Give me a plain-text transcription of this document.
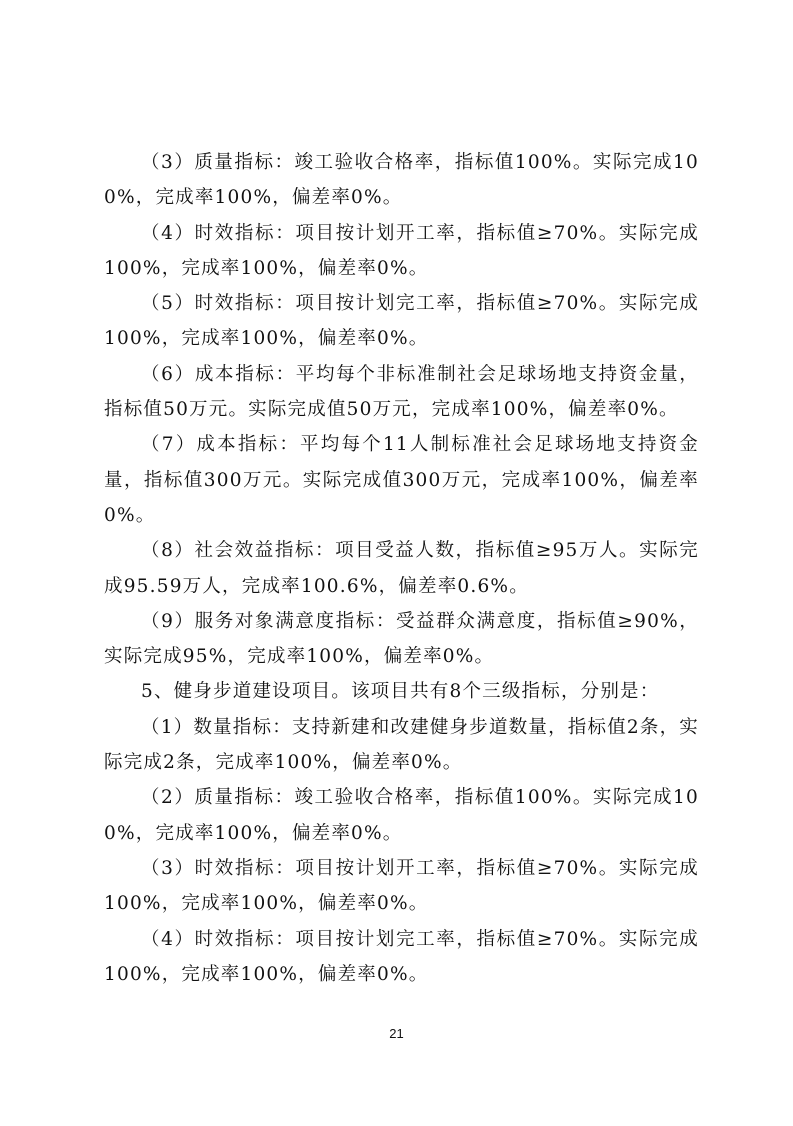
（3）质量指标：竣工验收合格率，指标值100%。实际完成100%，完成率100%，偏差率0%。

（4）时效指标：项目按计划开工率，指标值≥70%。实际完成100%，完成率100%，偏差率0%。

（5）时效指标：项目按计划完工率，指标值≥70%。实际完成100%，完成率100%，偏差率0%。

（6）成本指标：平均每个非标准制社会足球场地支持资金量，指标值50万元。实际完成值50万元，完成率100%，偏差率0%。

（7）成本指标：平均每个11人制标准社会足球场地支持资金量，指标值300万元。实际完成值300万元，完成率100%，偏差率0%。

（8）社会效益指标：项目受益人数，指标值≥95万人。实际完成95.59万人，完成率100.6%，偏差率0.6%。

（9）服务对象满意度指标：受益群众满意度，指标值≥90%，实际完成95%，完成率100%，偏差率0%。

5、健身步道建设项目。该项目共有8个三级指标，分别是：

（1）数量指标：支持新建和改建健身步道数量，指标值2条，实际完成2条，完成率100%，偏差率0%。

（2）质量指标：竣工验收合格率，指标值100%。实际完成100%，完成率100%，偏差率0%。

（3）时效指标：项目按计划开工率，指标值≥70%。实际完成100%，完成率100%，偏差率0%。

（4）时效指标：项目按计划完工率，指标值≥70%。实际完成100%，完成率100%，偏差率0%。

21
